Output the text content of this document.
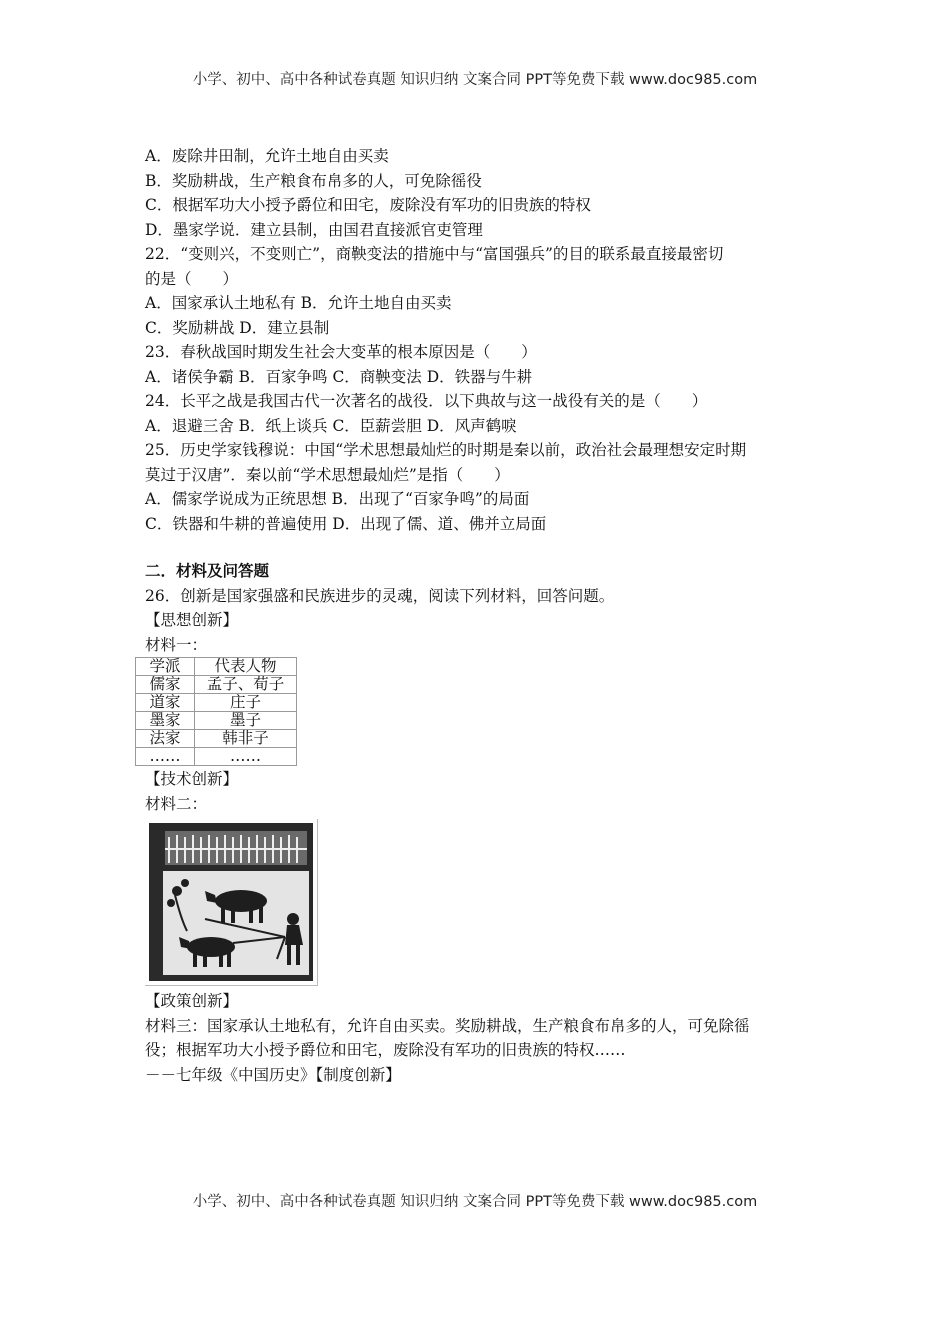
小学、初中、高中各种试卷真题 知识归纳 文案合同 PPT等免费下载 www.doc985.com
A．废除井田制，允许土地自由买卖
B．奖励耕战，生产粮食布帛多的人，可免除徭役
C．根据军功大小授予爵位和田宅，废除没有军功的旧贵族的特权
D．墨家学说．建立县制，由国君直接派官吏管理
22．“变则兴，不变则亡”，商鞅变法的措施中与“富国强兵”的目的联系最直接最密切
的是（　　）
A．国家承认土地私有 B．允许土地自由买卖
C．奖励耕战 D．建立县制
23．春秋战国时期发生社会大变革的根本原因是（　　）
A．诸侯争霸 B．百家争鸣 C．商鞅变法 D．铁器与牛耕
24．长平之战是我国古代一次著名的战役．以下典故与这一战役有关的是（　　）
A．退避三舍 B．纸上谈兵 C．臣薪尝胆 D．风声鹤唳
25．历史学家钱穆说：中国“学术思想最灿烂的时期是秦以前，政治社会最理想安定时期
莫过于汉唐”．秦以前“学术思想最灿烂”是指（　　）
A．儒家学说成为正统思想 B．出现了“百家争鸣”的局面
C．铁器和牛耕的普遍使用 D．出现了儒、道、佛并立局面
二．材料及问答题
26．创新是国家强盛和民族进步的灵魂，阅读下列材料，回答问题。
【思想创新】
材料一：
学派	代表人物
儒家	孟子、荀子
道家	庄子
墨家	墨子
法家	韩非子
……	……
【技术创新】
材料二：
【政策创新】
材料三：国家承认土地私有，允许自由买卖。奖励耕战，生产粮食布帛多的人，可免除徭
役；根据军功大小授予爵位和田宅，废除没有军功的旧贵族的特权……
－－七年级《中国历史》【制度创新】
小学、初中、高中各种试卷真题 知识归纳 文案合同 PPT等免费下载 www.doc985.com
